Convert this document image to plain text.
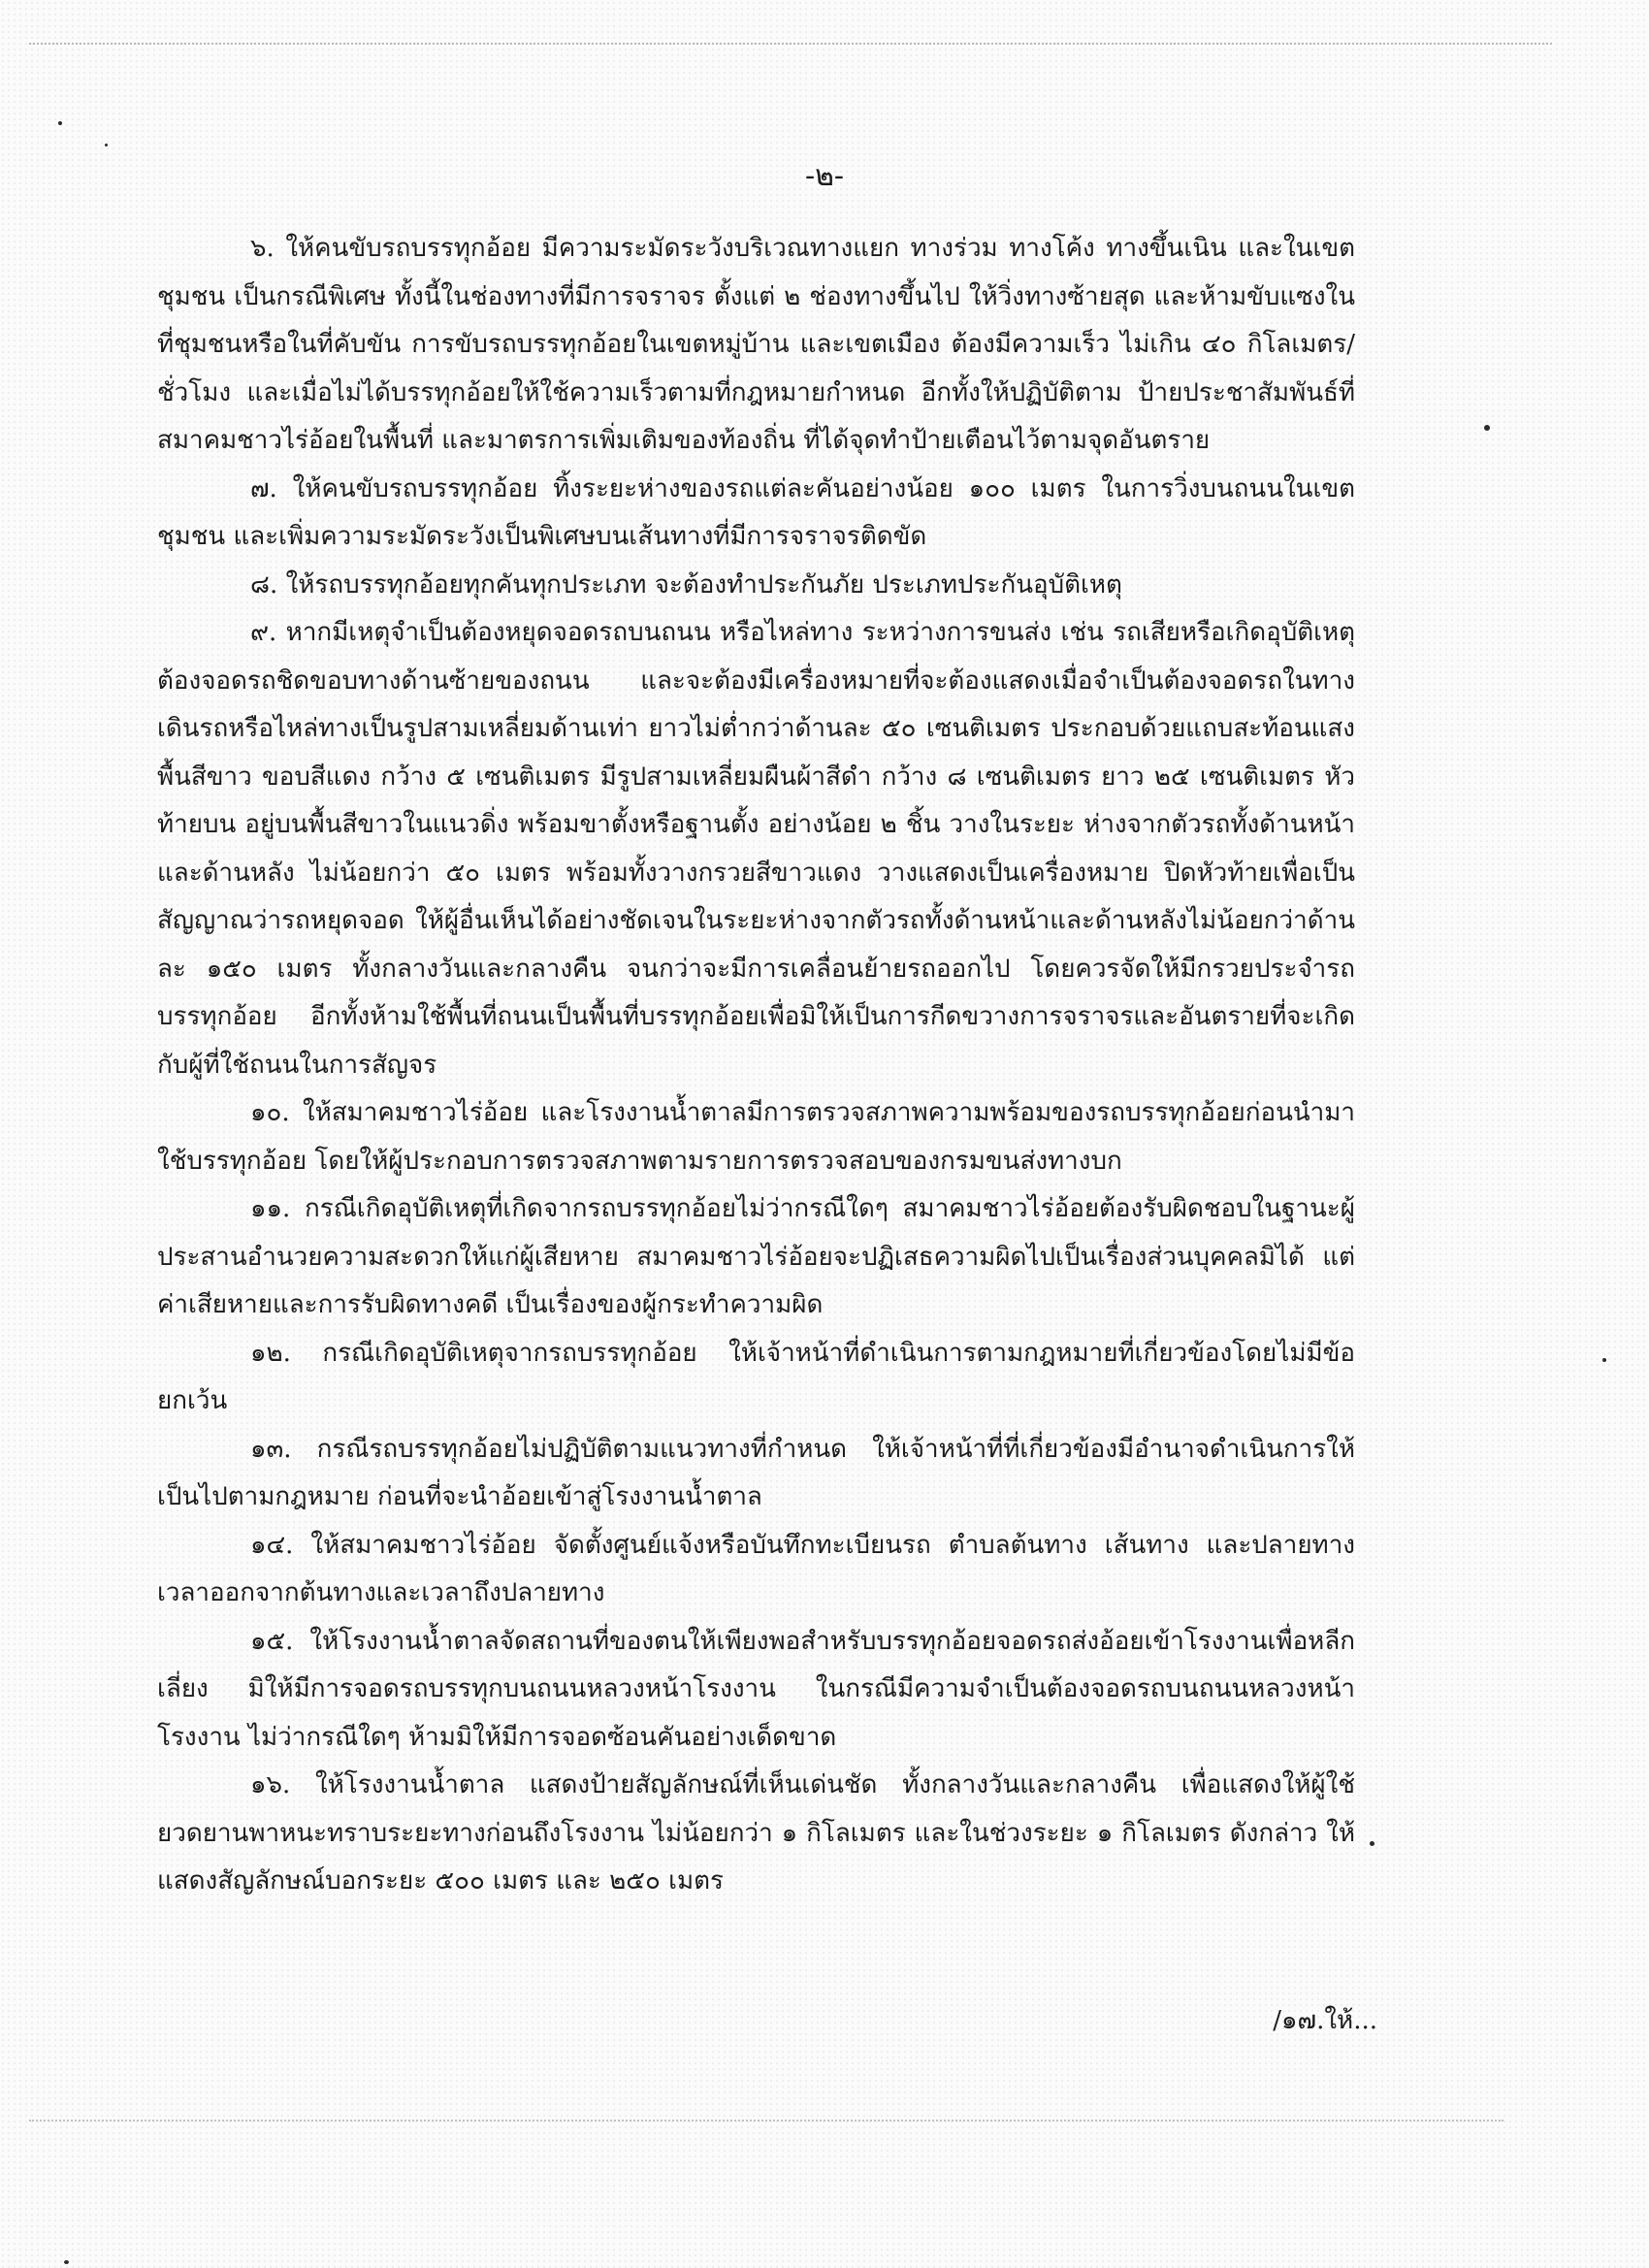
-๒-

๖. ให้คนขับรถบรรทุกอ้อย มีความระมัดระวังบริเวณทางแยก ทางร่วม ทางโค้ง ทางขึ้นเนิน และในเขตชุมชน เป็นกรณีพิเศษ ทั้งนี้ในช่องทางที่มีการจราจร ตั้งแต่ ๒ ช่องทางขึ้นไป ให้วิ่งทางซ้ายสุด และห้ามขับแซงในที่ชุมชนหรือในที่คับขัน การขับรถบรรทุกอ้อยในเขตหมู่บ้าน และเขตเมือง ต้องมีความเร็ว ไม่เกิน ๔๐ กิโลเมตร/ชั่วโมง และเมื่อไม่ได้บรรทุกอ้อยให้ใช้ความเร็วตามที่กฎหมายกำหนด อีกทั้งให้ปฏิบัติตาม ป้ายประชาสัมพันธ์ที่สมาคมชาวไร่อ้อยในพื้นที่ และมาตรการเพิ่มเติมของท้องถิ่น ที่ได้จุดทำป้ายเตือนไว้ตามจุดอันตราย

๗. ให้คนขับรถบรรทุกอ้อย ทิ้งระยะห่างของรถแต่ละคันอย่างน้อย ๑๐๐ เมตร ในการวิ่งบนถนนในเขตชุมชน และเพิ่มความระมัดระวังเป็นพิเศษบนเส้นทางที่มีการจราจรติดขัด

๘. ให้รถบรรทุกอ้อยทุกคันทุกประเภท จะต้องทำประกันภัย ประเภทประกันอุบัติเหตุ

๙. หากมีเหตุจำเป็นต้องหยุดจอดรถบนถนน หรือไหล่ทาง ระหว่างการขนส่ง เช่น รถเสียหรือเกิดอุบัติเหตุต้องจอดรถชิดขอบทางด้านซ้ายของถนน และจะต้องมีเครื่องหมายที่จะต้องแสดงเมื่อจำเป็นต้องจอดรถในทางเดินรถหรือไหล่ทางเป็นรูปสามเหลี่ยมด้านเท่า ยาวไม่ต่ำกว่าด้านละ ๕๐ เซนติเมตร ประกอบด้วยแถบสะท้อนแสง พื้นสีขาว ขอบสีแดง กว้าง ๕ เซนติเมตร มีรูปสามเหลี่ยมผืนผ้าสีดำ กว้าง ๘ เซนติเมตร ยาว ๒๕ เซนติเมตร หัวท้ายบน อยู่บนพื้นสีขาวในแนวดิ่ง พร้อมขาตั้งหรือฐานตั้ง อย่างน้อย ๒ ชิ้น วางในระยะ ห่างจากตัวรถทั้งด้านหน้าและด้านหลัง ไม่น้อยกว่า ๕๐ เมตร พร้อมทั้งวางกรวยสีขาวแดง วางแสดงเป็นเครื่องหมาย ปิดหัวท้ายเพื่อเป็นสัญญาณว่ารถหยุดจอด ให้ผู้อื่นเห็นได้อย่างชัดเจนในระยะห่างจากตัวรถทั้งด้านหน้าและด้านหลังไม่น้อยกว่าด้านละ ๑๕๐ เมตร ทั้งกลางวันและกลางคืน จนกว่าจะมีการเคลื่อนย้ายรถออกไป โดยควรจัดให้มีกรวยประจำรถบรรทุกอ้อย อีกทั้งห้ามใช้พื้นที่ถนนเป็นพื้นที่บรรทุกอ้อยเพื่อมิให้เป็นการกีดขวางการจราจรและอันตรายที่จะเกิดกับผู้ที่ใช้ถนนในการสัญจร

๑๐. ให้สมาคมชาวไร่อ้อย และโรงงานน้ำตาลมีการตรวจสภาพความพร้อมของรถบรรทุกอ้อยก่อนนำมาใช้บรรทุกอ้อย โดยให้ผู้ประกอบการตรวจสภาพตามรายการตรวจสอบของกรมขนส่งทางบก

๑๑. กรณีเกิดอุบัติเหตุที่เกิดจากรถบรรทุกอ้อยไม่ว่ากรณีใดๆ สมาคมชาวไร่อ้อยต้องรับผิดชอบในฐานะผู้ประสานอำนวยความสะดวกให้แก่ผู้เสียหาย สมาคมชาวไร่อ้อยจะปฏิเสธความผิดไปเป็นเรื่องส่วนบุคคลมิได้ แต่ค่าเสียหายและการรับผิดทางคดี เป็นเรื่องของผู้กระทำความผิด

๑๒. กรณีเกิดอุบัติเหตุจากรถบรรทุกอ้อย ให้เจ้าหน้าที่ดำเนินการตามกฎหมายที่เกี่ยวข้องโดยไม่มีข้อยกเว้น

๑๓. กรณีรถบรรทุกอ้อยไม่ปฏิบัติตามแนวทางที่กำหนด ให้เจ้าหน้าที่ที่เกี่ยวข้องมีอำนาจดำเนินการให้เป็นไปตามกฎหมาย ก่อนที่จะนำอ้อยเข้าสู่โรงงานน้ำตาล

๑๔. ให้สมาคมชาวไร่อ้อย จัดตั้งศูนย์แจ้งหรือบันทึกทะเบียนรถ ตำบลต้นทาง เส้นทาง และปลายทางเวลาออกจากต้นทางและเวลาถึงปลายทาง

๑๕. ให้โรงงานน้ำตาลจัดสถานที่ของตนให้เพียงพอสำหรับบรรทุกอ้อยจอดรถส่งอ้อยเข้าโรงงานเพื่อหลีกเลี่ยง มิให้มีการจอดรถบรรทุกบนถนนหลวงหน้าโรงงาน ในกรณีมีความจำเป็นต้องจอดรถบนถนนหลวงหน้าโรงงาน ไม่ว่ากรณีใดๆ ห้ามมิให้มีการจอดซ้อนคันอย่างเด็ดขาด

๑๖. ให้โรงงานน้ำตาล แสดงป้ายสัญลักษณ์ที่เห็นเด่นชัด ทั้งกลางวันและกลางคืน เพื่อแสดงให้ผู้ใช้ยวดยานพาหนะทราบระยะทางก่อนถึงโรงงาน ไม่น้อยกว่า ๑ กิโลเมตร และในช่วงระยะ ๑ กิโลเมตร ดังกล่าว ให้แสดงสัญลักษณ์บอกระยะ ๕๐๐ เมตร และ ๒๕๐ เมตร

/๑๗.ให้...
